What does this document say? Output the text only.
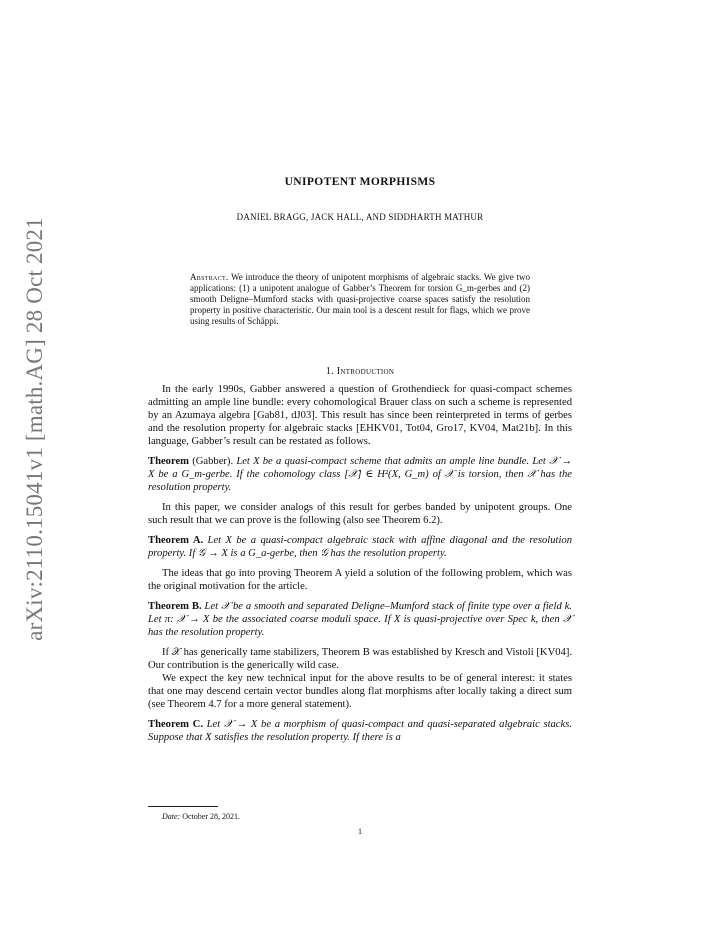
arXiv:2110.15041v1 [math.AG] 28 Oct 2021
UNIPOTENT MORPHISMS
DANIEL BRAGG, JACK HALL, AND SIDDHARTH MATHUR
Abstract. We introduce the theory of unipotent morphisms of algebraic stacks. We give two applications: (1) a unipotent analogue of Gabber’s Theorem for torsion G_m-gerbes and (2) smooth Deligne–Mumford stacks with quasi-projective coarse spaces satisfy the resolution property in positive characteristic. Our main tool is a descent result for flags, which we prove using results of Schäppi.
1. Introduction

In the early 1990s, Gabber answered a question of Grothendieck for quasi-compact schemes admitting an ample line bundle: every cohomological Brauer class on such a scheme is represented by an Azumaya algebra [Gab81, dJ03]. This result has since been reinterpreted in terms of gerbes and the resolution property for algebraic stacks [EHKV01, Tot04, Gro17, KV04, Mat21b]. In this language, Gabber’s result can be restated as follows.

Theorem (Gabber). Let X be a quasi-compact scheme that admits an ample line bundle. Let 𝒳 → X be a G_m-gerbe. If the cohomology class [𝒳] ∈ H²(X, G_m) of 𝒳 is torsion, then 𝒳 has the resolution property.

In this paper, we consider analogs of this result for gerbes banded by unipotent groups. One such result that we can prove is the following (also see Theorem 6.2).

Theorem A. Let X be a quasi-compact algebraic stack with affine diagonal and the resolution property. If 𝒢 → X is a G_a-gerbe, then 𝒢 has the resolution property.

The ideas that go into proving Theorem A yield a solution of the following problem, which was the original motivation for the article.

Theorem B. Let 𝒳 be a smooth and separated Deligne–Mumford stack of finite type over a field k. Let π: 𝒳 → X be the associated coarse moduli space. If X is quasi-projective over Spec k, then 𝒳 has the resolution property.

If 𝒳 has generically tame stabilizers, Theorem B was established by Kresch and Vistoli [KV04]. Our contribution is the generically wild case.

We expect the key new technical input for the above results to be of general interest: it states that one may descend certain vector bundles along flat morphisms after locally taking a direct sum (see Theorem 4.7 for a more general statement).

Theorem C. Let 𝒳 → X be a morphism of quasi-compact and quasi-separated algebraic stacks. Suppose that X satisfies the resolution property. If there is a

Date: October 28, 2021.
1
